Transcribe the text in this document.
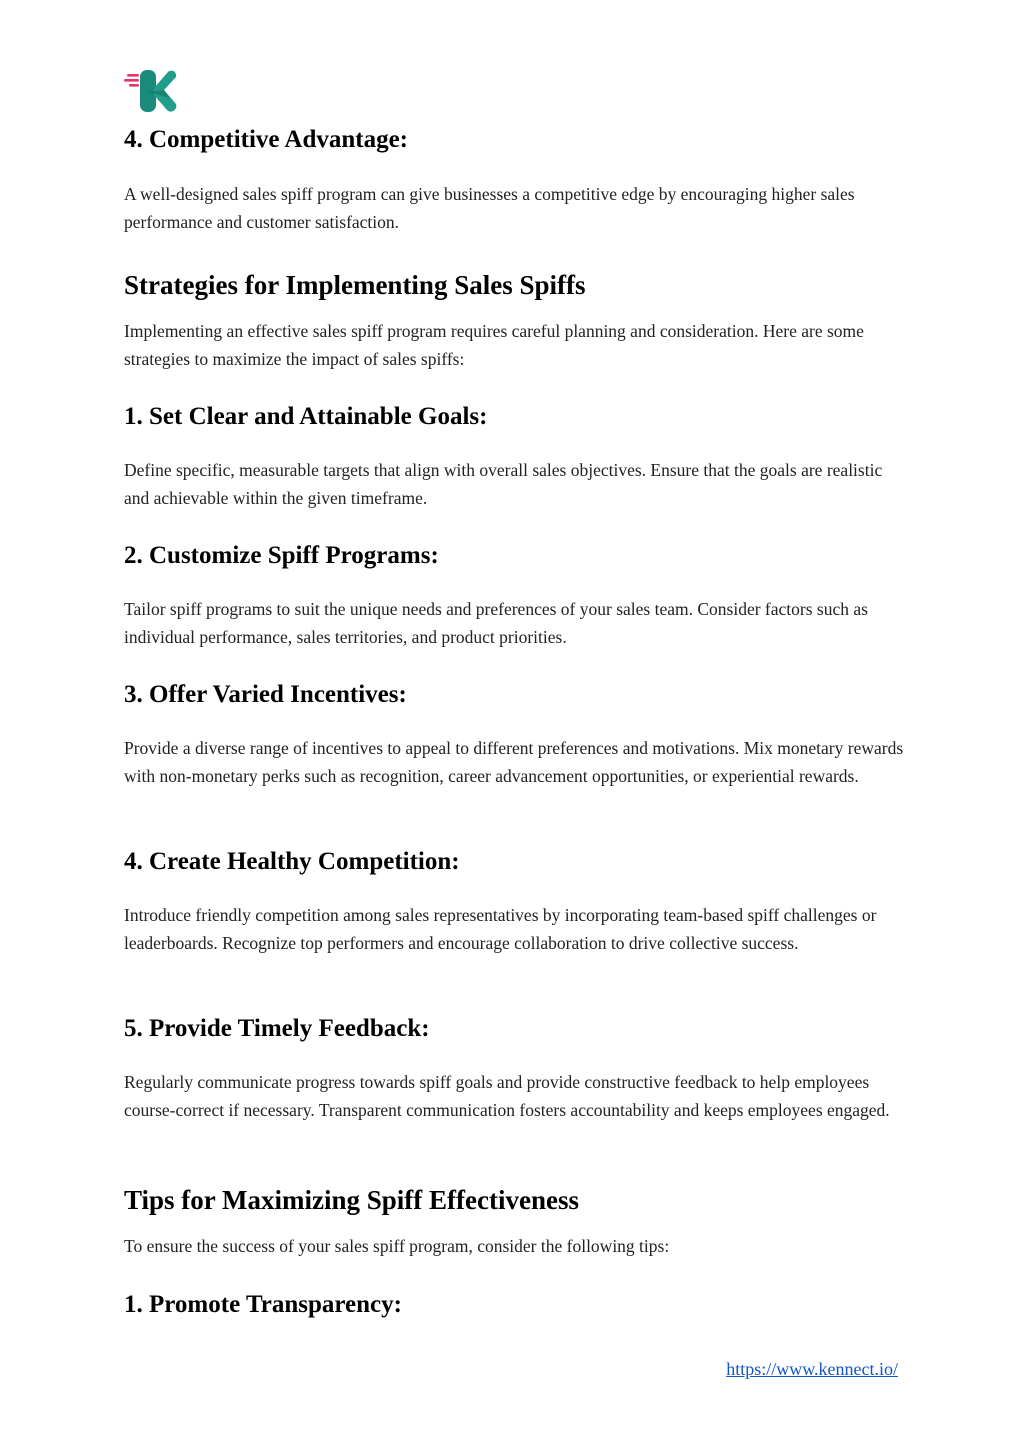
4. Competitive Advantage:

A well-designed sales spiff program can give businesses a competitive edge by encouraging higher sales performance and customer satisfaction.

Strategies for Implementing Sales Spiffs

Implementing an effective sales spiff program requires careful planning and consideration. Here are some strategies to maximize the impact of sales spiffs:

1. Set Clear and Attainable Goals:

Define specific, measurable targets that align with overall sales objectives. Ensure that the goals are realistic and achievable within the given timeframe.

2. Customize Spiff Programs:

Tailor spiff programs to suit the unique needs and preferences of your sales team. Consider factors such as individual performance, sales territories, and product priorities.

3. Offer Varied Incentives:

Provide a diverse range of incentives to appeal to different preferences and motivations. Mix monetary rewards with non-monetary perks such as recognition, career advancement opportunities, or experiential rewards.

4. Create Healthy Competition:

Introduce friendly competition among sales representatives by incorporating team-based spiff challenges or leaderboards. Recognize top performers and encourage collaboration to drive collective success.

5. Provide Timely Feedback:

Regularly communicate progress towards spiff goals and provide constructive feedback to help employees course-correct if necessary. Transparent communication fosters accountability and keeps employees engaged.

Tips for Maximizing Spiff Effectiveness

To ensure the success of your sales spiff program, consider the following tips:

1. Promote Transparency:
https://www.kennect.io/
